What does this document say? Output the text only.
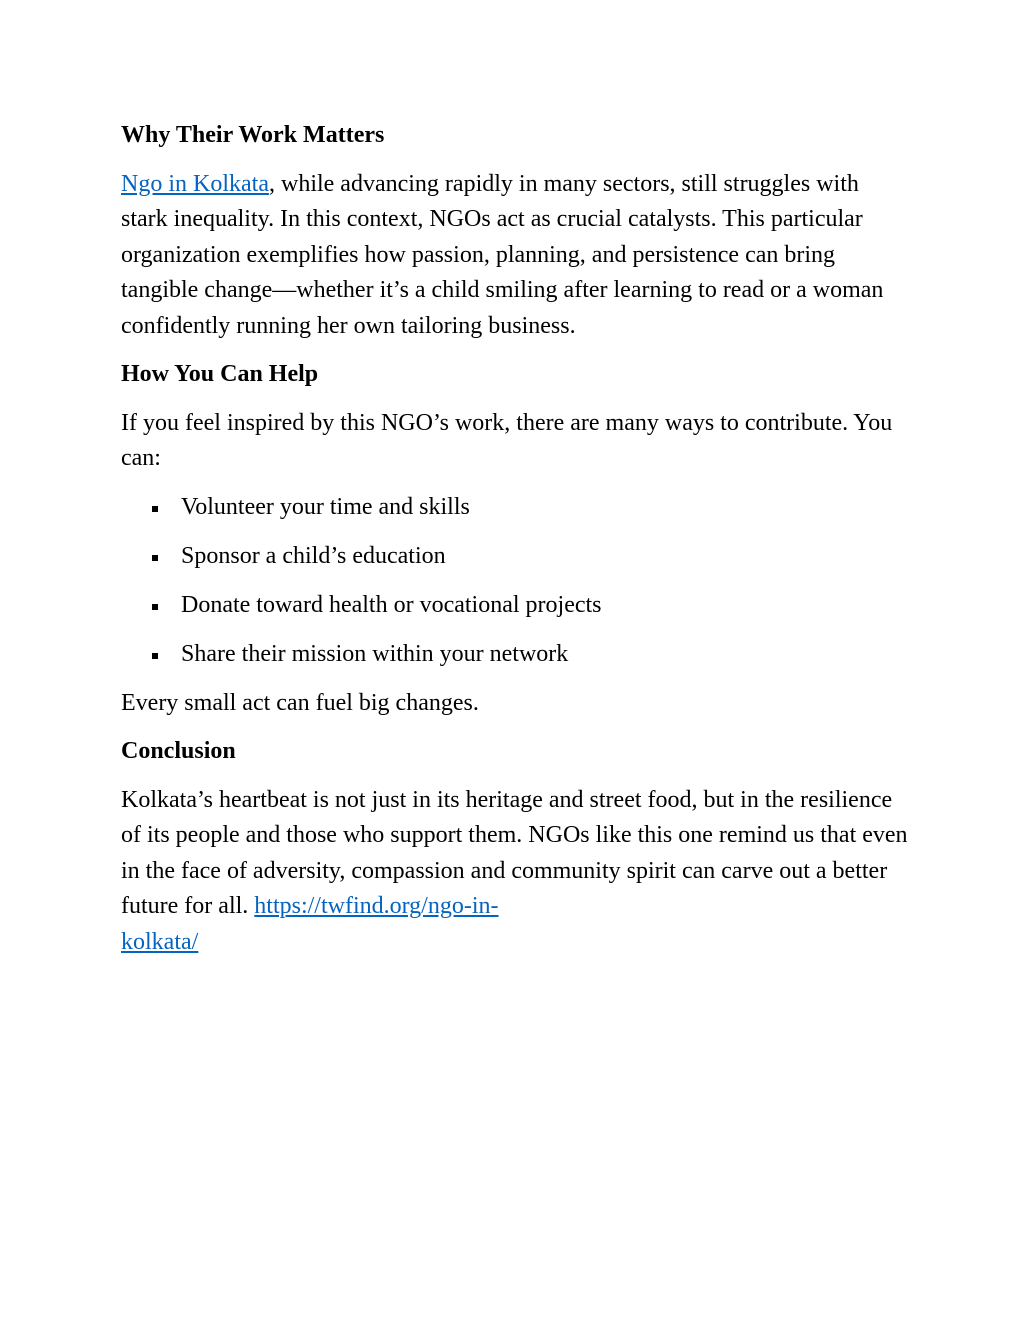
Why Their Work Matters

Ngo in Kolkata, while advancing rapidly in many sectors, still struggles with stark inequality. In this context, NGOs act as crucial catalysts. This particular organization exemplifies how passion, planning, and persistence can bring tangible change—whether it’s a child smiling after learning to read or a woman confidently running her own tailoring business.

How You Can Help

If you feel inspired by this NGO’s work, there are many ways to contribute. You can:

Volunteer your time and skills
Sponsor a child’s education
Donate toward health or vocational projects
Share their mission within your network

Every small act can fuel big changes.

Conclusion

Kolkata’s heartbeat is not just in its heritage and street food, but in the resilience of its people and those who support them. NGOs like this one remind us that even in the face of adversity, compassion and community spirit can carve out a better future for all. https://twfind.org/ngo-in-
kolkata/
